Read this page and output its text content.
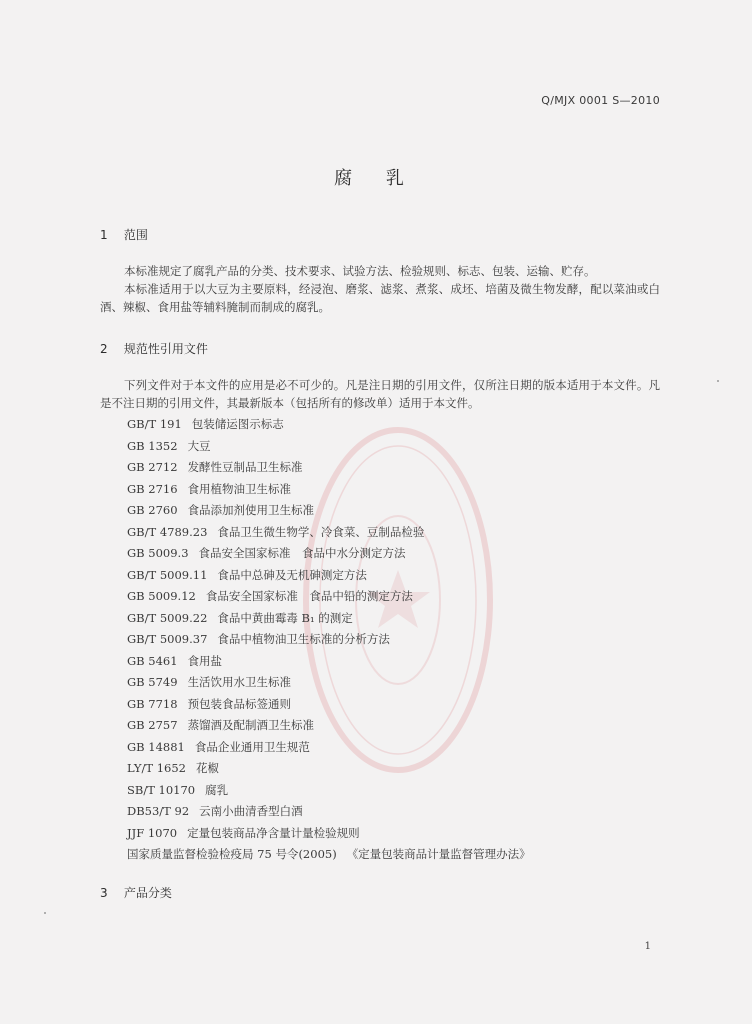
Q/MJX 0001 S—2010
腐 乳
1 范围
本标准规定了腐乳产品的分类、技术要求、试验方法、检验规则、标志、包装、运输、贮存。
本标准适用于以大豆为主要原料，经浸泡、磨浆、滤浆、煮浆、成坯、培菌及微生物发酵，配以菜油或白酒、辣椒、食用盐等辅料腌制而制成的腐乳。
2 规范性引用文件
下列文件对于本文件的应用是必不可少的。凡是注日期的引用文件，仅所注日期的版本适用于本文件。凡是不注日期的引用文件，其最新版本（包括所有的修改单）适用于本文件。
GB/T 191 包装储运图示标志
GB 1352 大豆
GB 2712 发酵性豆制品卫生标准
GB 2716 食用植物油卫生标准
GB 2760 食品添加剂使用卫生标准
GB/T 4789.23 食品卫生微生物学、冷食菜、豆制品检验
GB 5009.3 食品安全国家标准　食品中水分测定方法
GB/T 5009.11 食品中总砷及无机砷测定方法
GB 5009.12 食品安全国家标准　食品中铅的测定方法
GB/T 5009.22 食品中黄曲霉毒 B₁ 的测定
GB/T 5009.37 食品中植物油卫生标准的分析方法
GB 5461 食用盐
GB 5749 生活饮用水卫生标准
GB 7718 预包装食品标签通则
GB 2757 蒸馏酒及配制酒卫生标准
GB 14881 食品企业通用卫生规范
LY/T 1652 花椒
SB/T 10170 腐乳
DB53/T 92 云南小曲清香型白酒
JJF 1070 定量包装商品净含量计量检验规则
国家质量监督检验检疫局 75 号令(2005) 《定量包装商品计量监督管理办法》
3 产品分类
1
